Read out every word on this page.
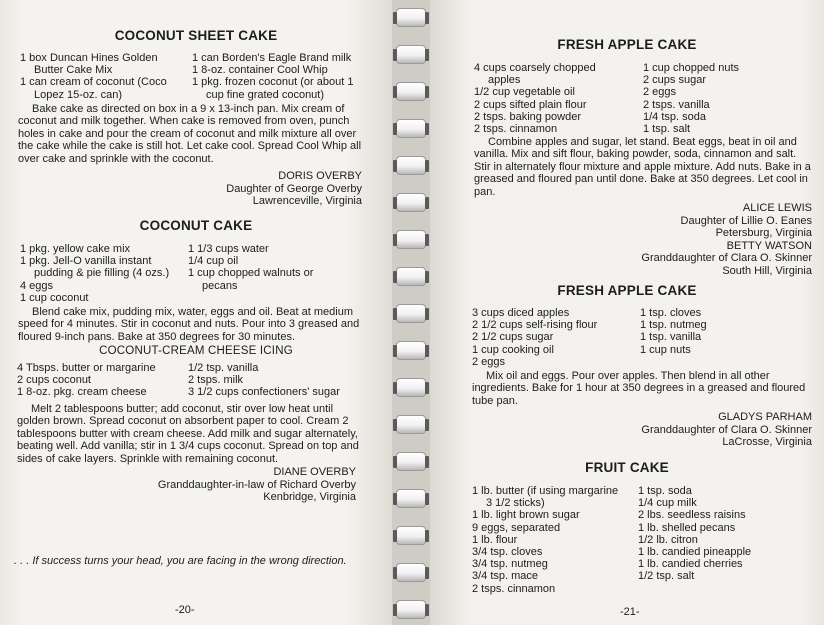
COCONUT SHEET CAKE
1 box Duncan Hines Golden
Butter Cake Mix
1 can cream of coconut (Coco
Lopez 15-oz. can)
1 can Borden's Eagle Brand milk
1 8-oz. container Cool Whip
1 pkg. frozen coconut (or about 1
cup fine grated coconut)
Bake cake as directed on box in a 9 x 13-inch pan. Mix cream of coconut and milk together. When cake is removed from oven, punch holes in cake and pour the cream of coconut and milk mixture all over the cake while the cake is still hot. Let cake cool. Spread Cool Whip all over cake and sprinkle with the coconut.
DORIS OVERBY
Daughter of George Overby
Lawrenceville, Virginia
COCONUT CAKE
1 pkg. yellow cake mix
1 pkg. Jell-O vanilla instant
pudding & pie filling (4 ozs.)
4 eggs
1 cup coconut
1 1/3 cups water
1/4 cup oil
1 cup chopped walnuts or
pecans
Blend cake mix, pudding mix, water, eggs and oil. Beat at medium speed for 4 minutes. Stir in coconut and nuts. Pour into 3 greased and floured 9-inch pans. Bake at 350 degrees for 30 minutes.
COCONUT-CREAM CHEESE ICING
4 Tbsps. butter or margarine
2 cups coconut
1 8-oz. pkg. cream cheese
1/2 tsp. vanilla
2 tsps. milk
3 1/2 cups confectioners' sugar
Melt 2 tablespoons butter; add coconut, stir over low heat until golden brown. Spread coconut on absorbent paper to cool. Cream 2 tablespoons butter with cream cheese. Add milk and sugar alternately, beating well. Add vanilla; stir in 1 3/4 cups coconut. Spread on top and sides of cake layers. Sprinkle with remaining coconut.
DIANE OVERBY
Granddaughter-in-law of Richard Overby
Kenbridge, Virginia
. . . If success turns your head, you are facing in the wrong direction.
-20-
FRESH APPLE CAKE
4 cups coarsely chopped
apples
1/2 cup vegetable oil
2 cups sifted plain flour
2 tsps. baking powder
2 tsps. cinnamon
1 cup chopped nuts
2 cups sugar
2 eggs
2 tsps. vanilla
1/4 tsp. soda
1 tsp. salt
Combine apples and sugar, let stand. Beat eggs, beat in oil and vanilla. Mix and sift flour, baking powder, soda, cinnamon and salt. Stir in alternately flour mixture and apple mixture. Add nuts. Bake in a greased and floured pan until done. Bake at 350 degrees. Let cool in pan.
ALICE LEWIS
Daughter of Lillie O. Eanes
Petersburg, Virginia
BETTY WATSON
Granddaughter of Clara O. Skinner
South Hill, Virginia
FRESH APPLE CAKE
3 cups diced apples
2 1/2 cups self-rising flour
2 1/2 cups sugar
1 cup cooking oil
2 eggs
1 tsp. cloves
1 tsp. nutmeg
1 tsp. vanilla
1 cup nuts
Mix oil and eggs. Pour over apples. Then blend in all other ingredients. Bake for 1 hour at 350 degrees in a greased and floured tube pan.
GLADYS PARHAM
Granddaughter of Clara O. Skinner
LaCrosse, Virginia
FRUIT CAKE
1 lb. butter (if using margarine
3 1/2 sticks)
1 lb. light brown sugar
9 eggs, separated
1 lb. flour
3/4 tsp. cloves
3/4 tsp. nutmeg
3/4 tsp. mace
2 tsps. cinnamon
1 tsp. soda
1/4 cup milk
2 lbs. seedless raisins
1 lb. shelled pecans
1/2 lb. citron
1 lb. candied pineapple
1 lb. candied cherries
1/2 tsp. salt
-21-
